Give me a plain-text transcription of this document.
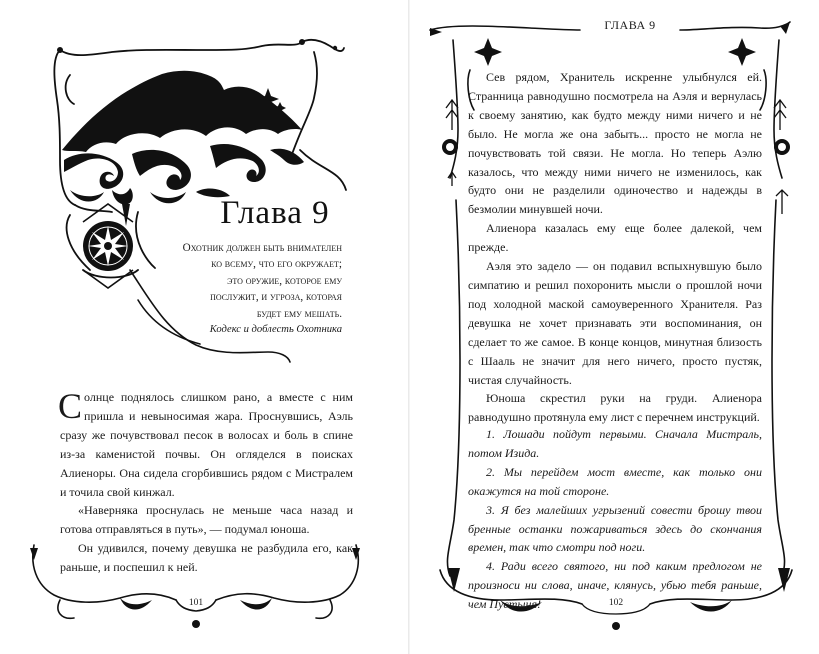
Глава 9
Охотник должен быть внимателен
ко всему, что его окружает;
это оружие, которое ему
послужит, и угроза, которая
будет ему мешать.
Кодекс и доблесть Охотника

Солнце поднялось слишком рано, а вместе с ним пришла и невыносимая жара. Проснувшись, Аэль сразу же почувствовал песок в волосах и боль в спине из-за каменистой почвы. Он огляделся в поисках Алиеноры. Она сидела сгорбившись рядом с Мистралем и точила свой кинжал.

«Наверняка проснулась не меньше часа назад и готова отправляться в путь», — подумал юноша.

Он удивился, почему девушка не разбудила его, как раньше, и поспешил к ней.

101
ГЛАВА 9

Сев рядом, Хранитель искренне улыбнулся ей. Странница равнодушно посмотрела на Аэля и вернулась к своему занятию, как будто между ними ничего и не было. Не могла же она забыть... просто не могла не почувствовать той связи. Не могла. Но теперь Аэлю казалось, что между ними ничего не изменилось, как будто они не разделили одиночество и надежды в безмолии минувшей ночи.

Алиенора казалась ему еще более далекой, чем прежде.

Аэля это задело — он подавил вспыхнувшую было симпатию и решил похоронить мысли о прошлой ночи под холодной маской самоуверенного Хранителя. Раз девушка не хочет признавать эти воспоминания, он сделает то же самое. В конце концов, минутная близость с Шааль не значит для него ничего, просто пустяк, чистая случайность.

Юноша скрестил руки на груди. Алиенора равнодушно протянула ему лист с перечнем инструкций.

1. Лошади пойдут первыми. Сначала Мистраль, потом Изида.

2. Мы перейдем мост вместе, как только они окажутся на той стороне.

3. Я без малейших угрызений совести брошу твои бренные останки пожариваться здесь до скончания времен, так что смотри под ноги.

4. Ради всего святого, ни под каким предлогом не произноси ни слова, иначе, клянусь, убью тебя раньше, чем Пустыня!	102
